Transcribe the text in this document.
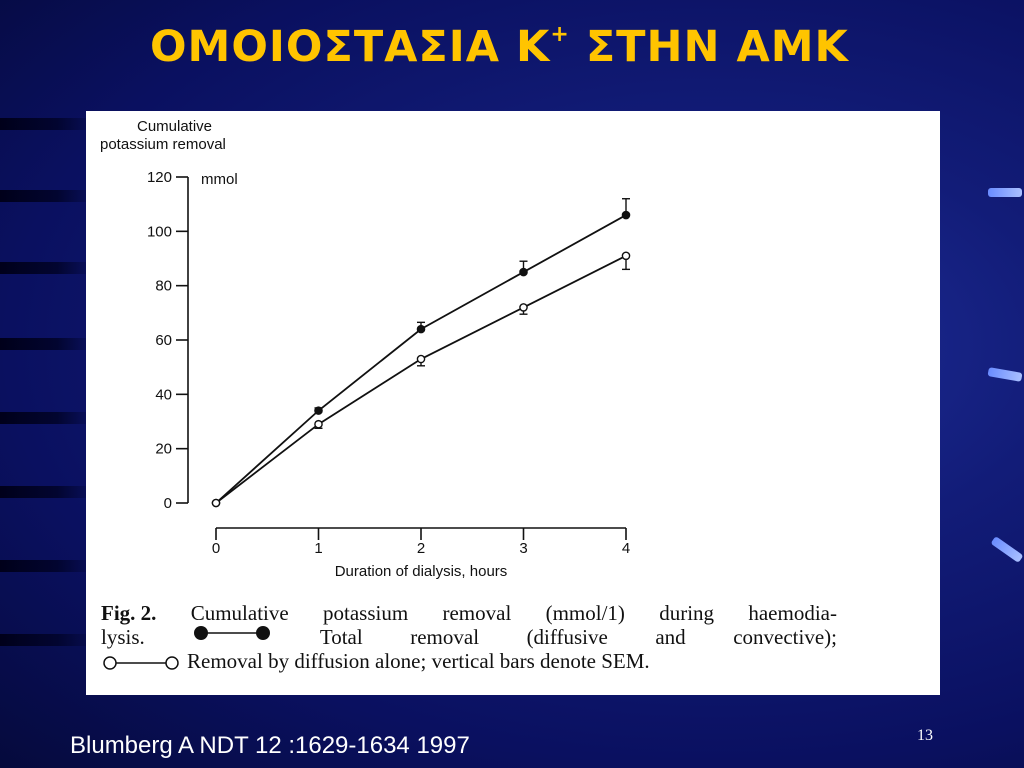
ΟΜΟΙΟΣΤΑΣΙΑ Κ+ ΣΤΗΝ ΑΜΚ
Cumulative
potassium removal
mmol
Duration of dialysis, hours
0
20
40
60
80
100
120
0	1	2	3	4
Fig. 2. Cumulative potassium removal (mmol/1) during haemodia-
lysis.	Total removal (diffusive and convective);
Removal by diffusion alone; vertical bars denote SEM.
Blumberg A NDT 12 :1629-1634 1997	13
